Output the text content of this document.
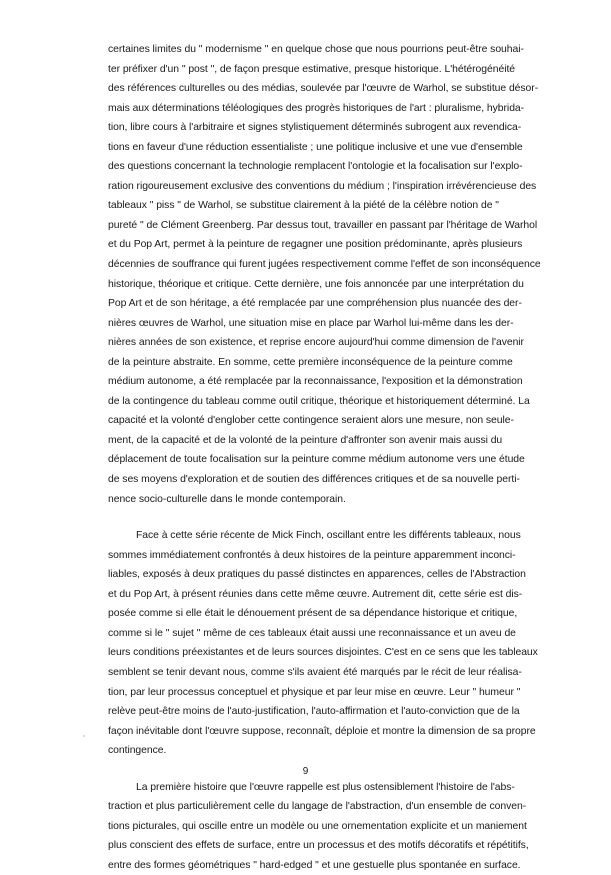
certaines limites du " modernisme " en quelque chose que nous pourrions peut-être souhai-

ter préfixer d'un " post ", de façon presque estimative, presque historique. L'hétérogénéité

des références culturelles ou des médias, soulevée par l'œuvre de Warhol, se substitue désor-

mais aux déterminations téléologiques des progrès historiques de l'art : pluralisme, hybrida-

tion, libre cours à l'arbitraire et signes stylistiquement déterminés subrogent aux revendica-

tions en faveur d'une réduction essentialiste ; une politique inclusive et une vue d'ensemble

des questions concernant la technologie remplacent l'ontologie et la focalisation sur l'explo-

ration rigoureusement exclusive des conventions du médium ; l'inspiration irrévérencieuse des

tableaux " piss " de Warhol, se substitue clairement à la piété de la célèbre notion de "

pureté " de Clément Greenberg. Par dessus tout, travailler en passant par l'héritage de Warhol

et du Pop Art, permet à la peinture de regagner une position prédominante, après plusieurs

décennies de souffrance qui furent jugées respectivement comme l'effet de son inconséquence

historique, théorique et critique. Cette dernière, une fois annoncée par une interprétation du

Pop Art et de son héritage, a été remplacée par une compréhension plus nuancée des der-

nières œuvres de Warhol, une situation mise en place par Warhol lui-même dans les der-

nières années de son existence, et reprise encore aujourd'hui comme dimension de l'avenir

de la peinture abstraite. En somme, cette première inconséquence de la peinture comme

médium autonome, a été remplacée par la reconnaissance, l'exposition et la démonstration

de la contingence du tableau comme outil critique, théorique et historiquement déterminé. La

capacité et la volonté d'englober cette contingence seraient alors une mesure, non seule-

ment, de la capacité et de la volonté de la peinture d'affronter son avenir mais aussi du

déplacement de toute focalisation sur la peinture comme médium autonome vers une étude

de ses moyens d'exploration et de soutien des différences critiques et de sa nouvelle perti-

nence socio-culturelle dans le monde contemporain.

Face à cette série récente de Mick Finch, oscillant entre les différents tableaux, nous

sommes immédiatement confrontés à deux histoires de la peinture apparemment inconci-

liables, exposés à deux pratiques du passé distinctes en apparences, celles de l'Abstraction

et du Pop Art, à présent réunies dans cette même œuvre. Autrement dit, cette série est dis-

posée comme si elle était le dénouement présent de sa dépendance historique et critique,

comme si le " sujet " même de ces tableaux était aussi une reconnaissance et un aveu de

leurs conditions préexistantes et de leurs sources disjointes. C'est en ce sens que les tableaux

semblent se tenir devant nous, comme s'ils avaient été marqués par le récit de leur réalisa-

tion, par leur processus conceptuel et physique et par leur mise en œuvre. Leur " humeur "

relève peut-être moins de l'auto-justification, l'auto-affirmation et l'auto-conviction que de la

façon inévitable dont l'œuvre suppose, reconnaît, déploie et montre la dimension de sa propre

contingence.

La première histoire que l'œuvre rappelle est plus ostensiblement l'histoire de l'abs-

traction et plus particulièrement celle du langage de l'abstraction, d'un ensemble de conven-

tions picturales, qui oscille entre un modèle ou une ornementation explicite et un maniement

plus conscient des effets de surface, entre un processus et des motifs décoratifs et répétitifs,

entre des formes géométriques " hard-edged " et une gestuelle plus spontanée en surface.

9
